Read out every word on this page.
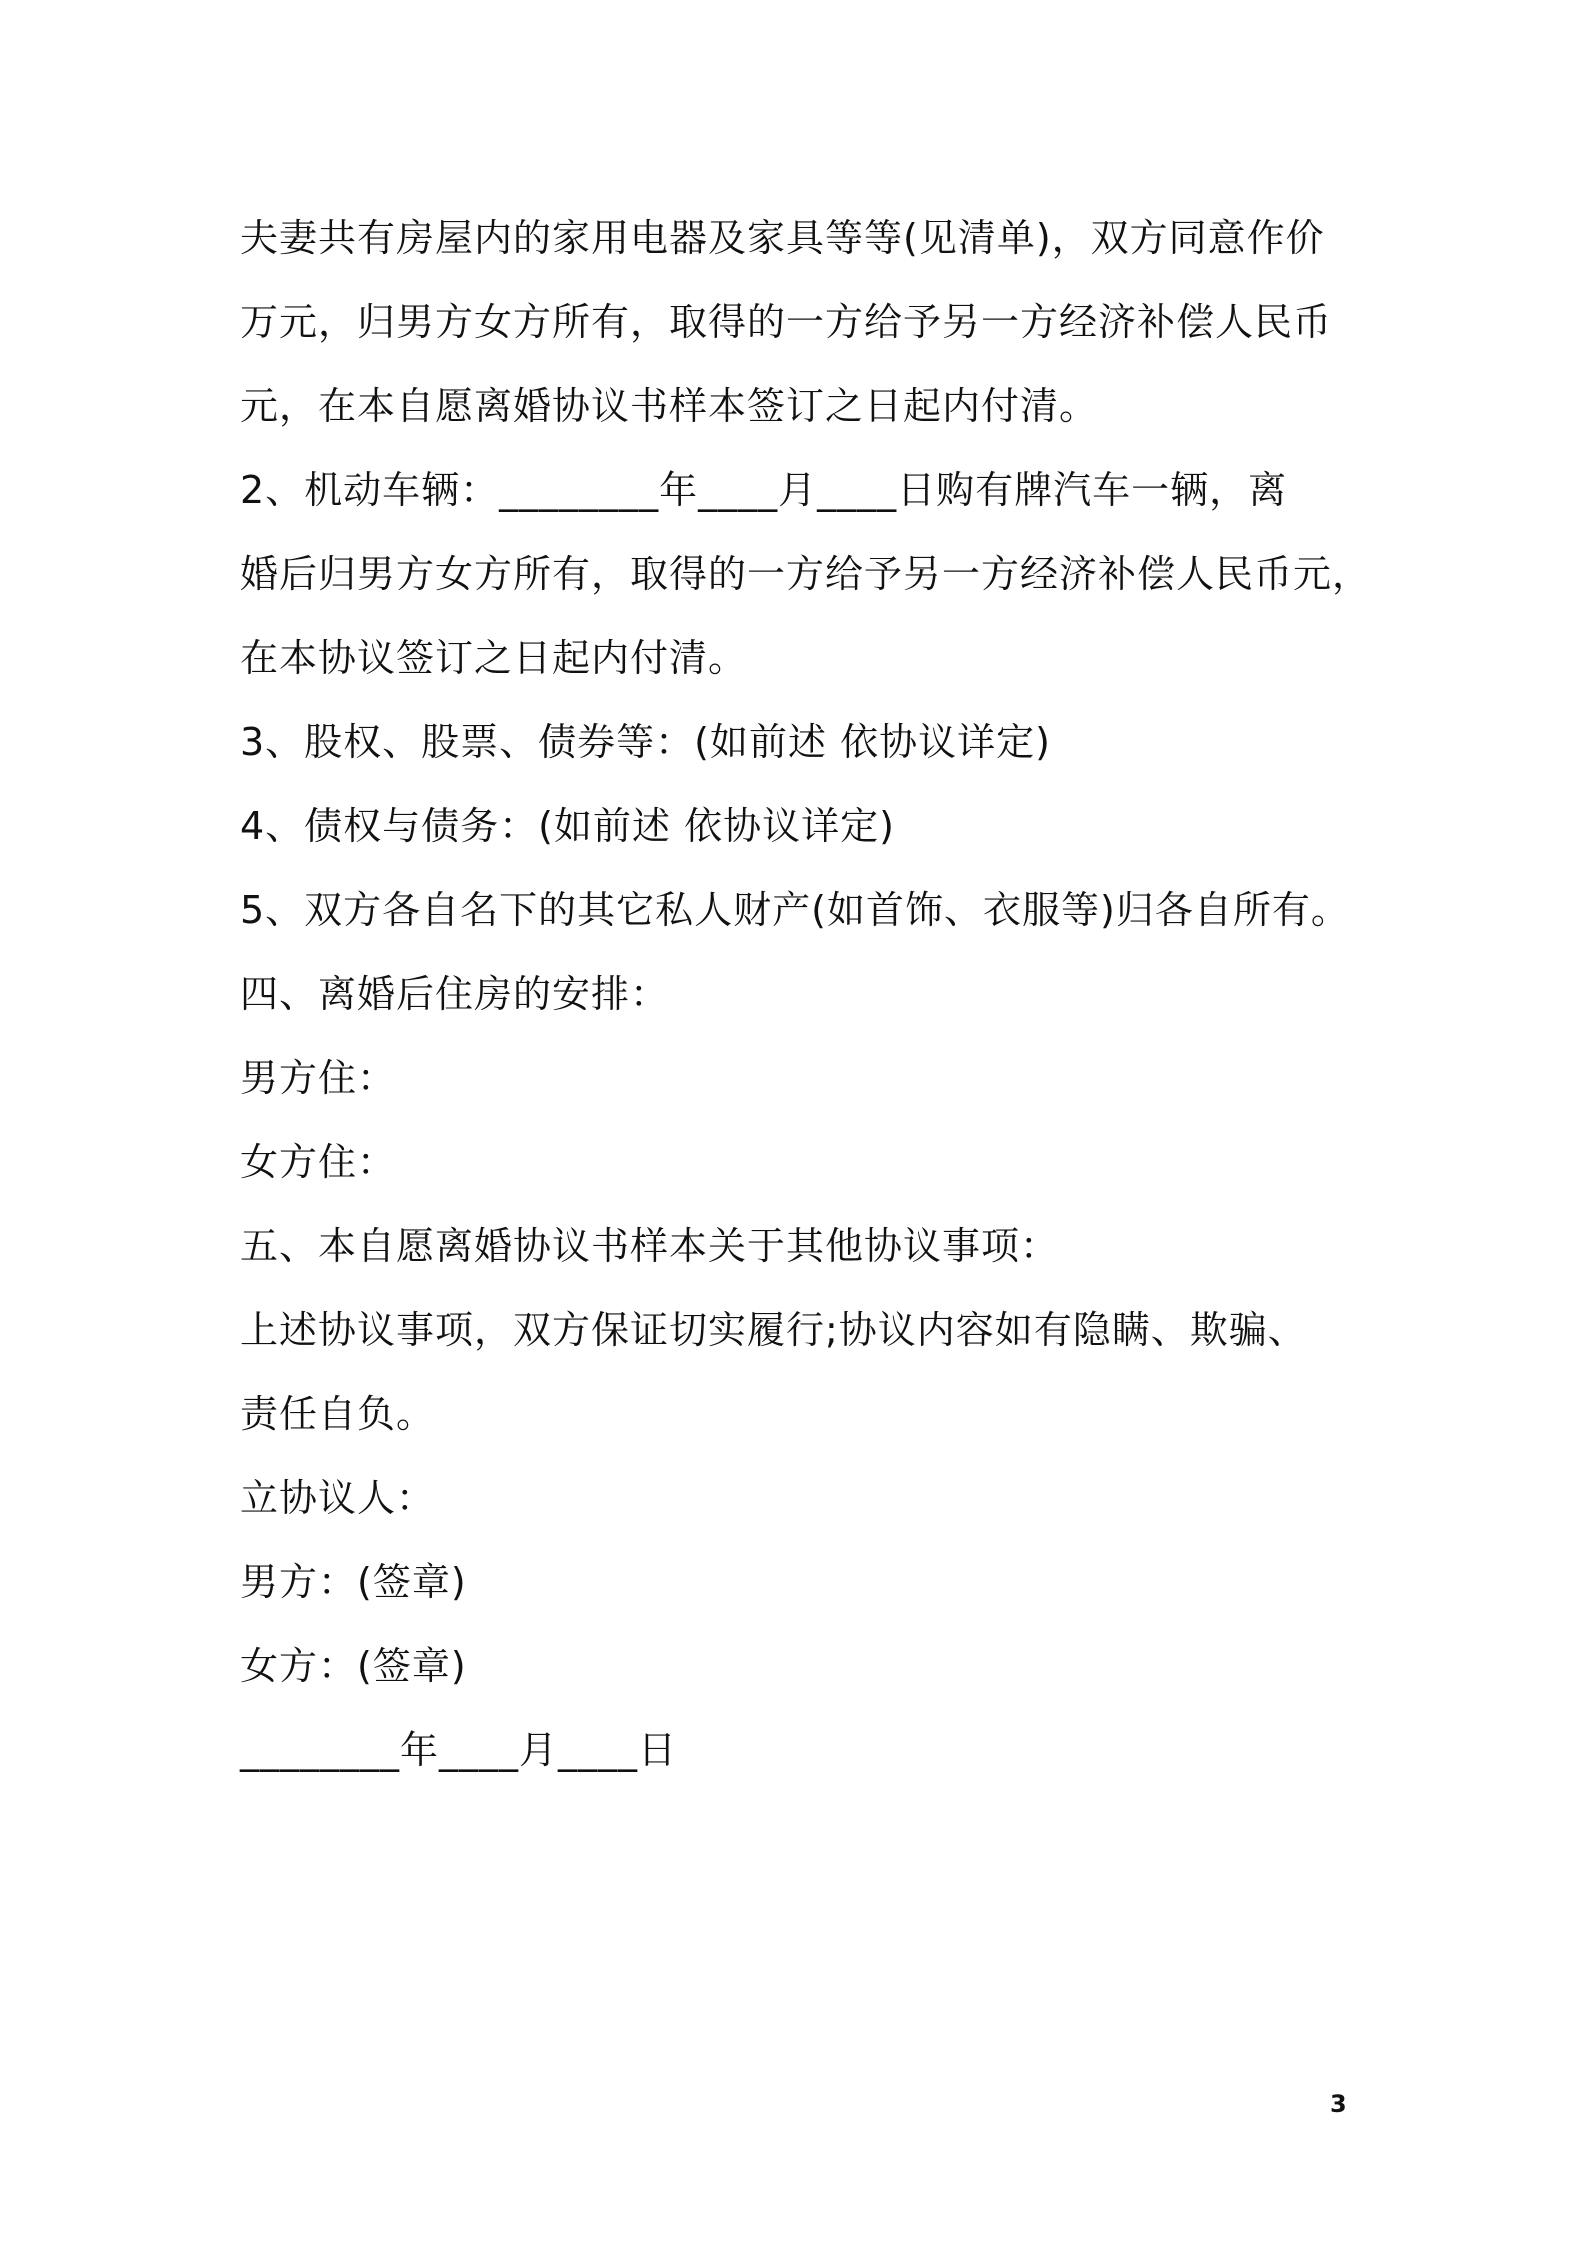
夫妻共有房屋内的家用电器及家具等等(见清单)，双方同意作价
万元，归男方女方所有，取得的一方给予另一方经济补偿人民币
元，在本自愿离婚协议书样本签订之日起内付清。
2、机动车辆：________年____月____日购有牌汽车一辆，离
婚后归男方女方所有，取得的一方给予另一方经济补偿人民币元，
在本协议签订之日起内付清。
3、股权、股票、债券等：(如前述 依协议详定)
4、债权与债务：(如前述 依协议详定)
5、双方各自名下的其它私人财产(如首饰、衣服等)归各自所有。
四、离婚后住房的安排：
男方住：
女方住：
五、本自愿离婚协议书样本关于其他协议事项：
上述协议事项，双方保证切实履行;协议内容如有隐瞒、欺骗、
责任自负。
立协议人：
男方：(签章)
女方：(签章)
________年____月____日
3
